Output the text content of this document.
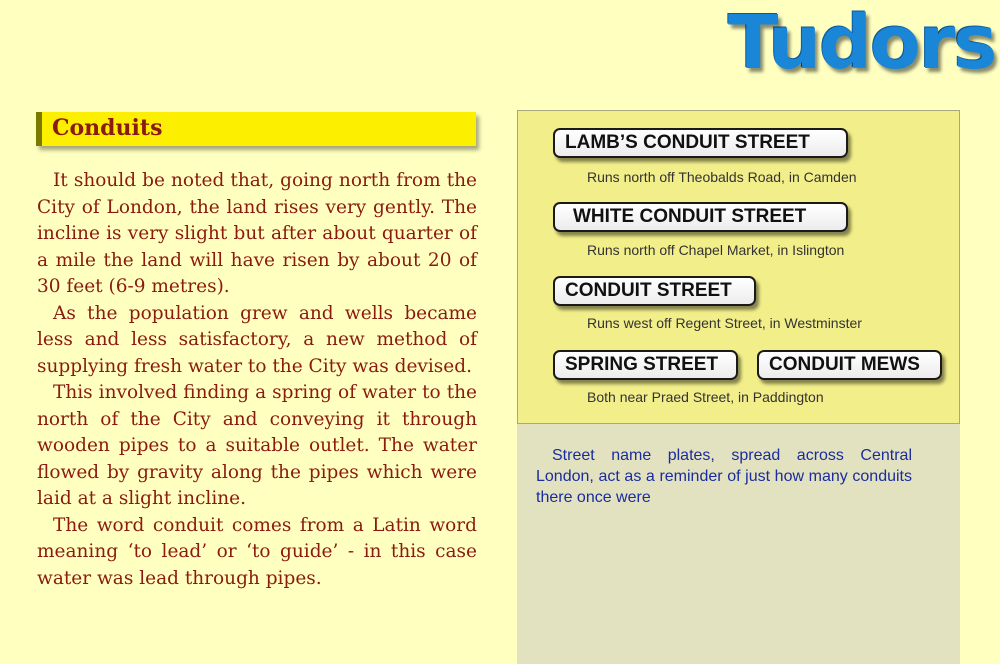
Tudors
Conduits

It should be noted that, going north from the City of London, the land rises very gently. The incline is very slight but after about quarter of a mile the land will have risen by about 20 of 30 feet (6-9 metres).

As the population grew and wells became less and less satisfactory, a new method of supplying fresh water to the City was devised.

This involved finding a spring of water to the north of the City and conveying it through wooden pipes to a suitable outlet. The water flowed by gravity along the pipes which were laid at a slight incline.

The word conduit comes from a Latin word meaning ‘to lead’ or ‘to guide’ - in this case water was lead through pipes.

LAMB’S CONDUIT STREET
Runs north off Theobalds Road, in Camden
WHITE CONDUIT STREET
Runs north off Chapel Market, in Islington
CONDUIT STREET
Runs west off Regent Street, in Westminster
SPRING STREET	CONDUIT MEWS
Both near Praed Street, in Paddington
Street name plates, spread across Central London, act as a reminder of just how many conduits there once were
